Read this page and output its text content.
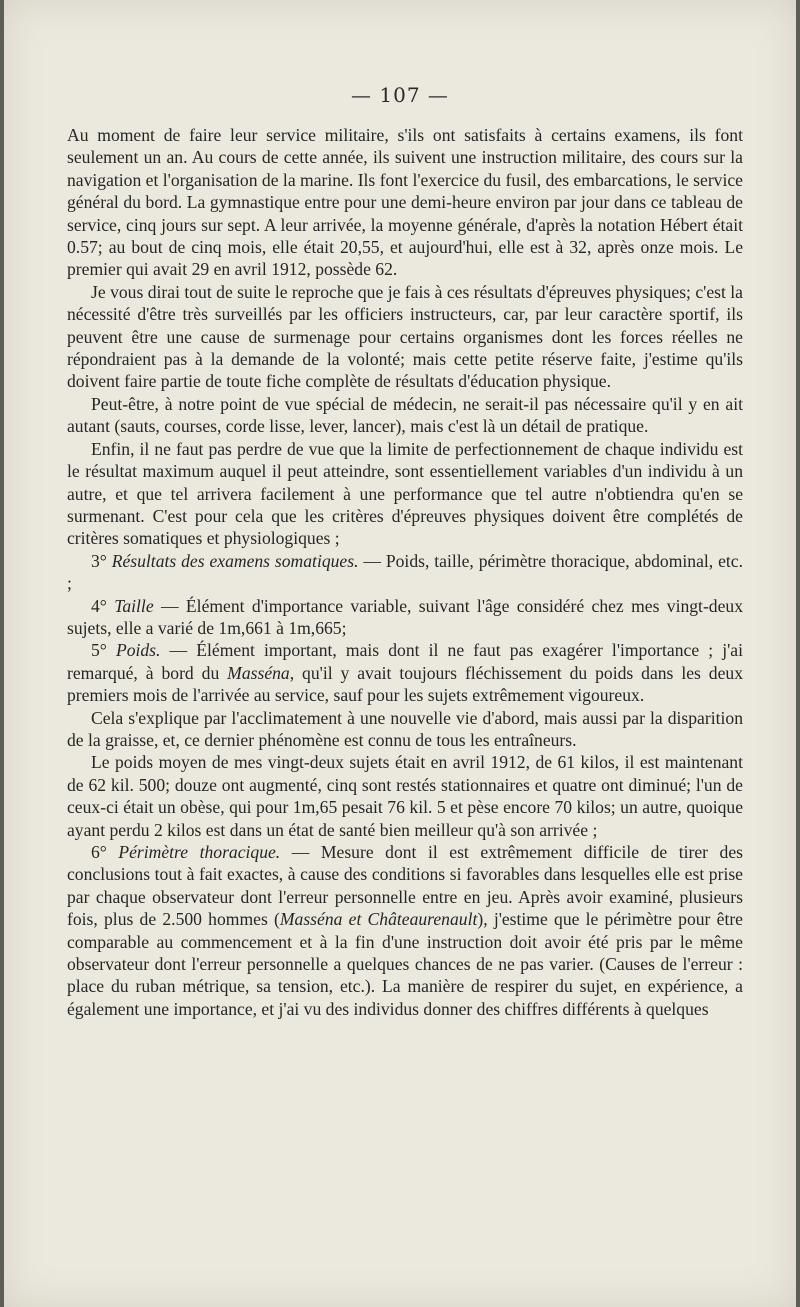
— 107 —

Au moment de faire leur service militaire, s'ils ont satisfaits à certains examens, ils font seulement un an. Au cours de cette année, ils suivent une instruction militaire, des cours sur la navigation et l'organisation de la marine. Ils font l'exercice du fusil, des embarcations, le service général du bord. La gymnastique entre pour une demi-heure environ par jour dans ce tableau de service, cinq jours sur sept. A leur arrivée, la moyenne générale, d'après la notation Hébert était 0.57; au bout de cinq mois, elle était 20,55, et aujourd'hui, elle est à 32, après onze mois. Le premier qui avait 29 en avril 1912, possède 62.

Je vous dirai tout de suite le reproche que je fais à ces résultats d'épreuves physiques; c'est la nécessité d'être très surveillés par les officiers instructeurs, car, par leur caractère sportif, ils peuvent être une cause de surmenage pour certains organismes dont les forces réelles ne répondraient pas à la demande de la volonté; mais cette petite réserve faite, j'estime qu'ils doivent faire partie de toute fiche complète de résultats d'éducation physique.

Peut-être, à notre point de vue spécial de médecin, ne serait-il pas nécessaire qu'il y en ait autant (sauts, courses, corde lisse, lever, lancer), mais c'est là un détail de pratique.

Enfin, il ne faut pas perdre de vue que la limite de perfectionnement de chaque individu est le résultat maximum auquel il peut atteindre, sont essentiellement variables d'un individu à un autre, et que tel arrivera facilement à une performance que tel autre n'obtiendra qu'en se surmenant. C'est pour cela que les critères d'épreuves physiques doivent être complétés de critères somatiques et physiologiques ;

3° Résultats des examens somatiques. — Poids, taille, périmètre thoracique, abdominal, etc. ;

4° Taille — Élément d'importance variable, suivant l'âge considéré chez mes vingt-deux sujets, elle a varié de 1m,661 à 1m,665;

5° Poids. — Élément important, mais dont il ne faut pas exagérer l'importance ; j'ai remarqué, à bord du Masséna, qu'il y avait toujours fléchissement du poids dans les deux premiers mois de l'arrivée au service, sauf pour les sujets extrêmement vigoureux.

Cela s'explique par l'acclimatement à une nouvelle vie d'abord, mais aussi par la disparition de la graisse, et, ce dernier phénomène est connu de tous les entraîneurs.

Le poids moyen de mes vingt-deux sujets était en avril 1912, de 61 kilos, il est maintenant de 62 kil. 500; douze ont augmenté, cinq sont restés stationnaires et quatre ont diminué; l'un de ceux-ci était un obèse, qui pour 1m,65 pesait 76 kil. 5 et pèse encore 70 kilos; un autre, quoique ayant perdu 2 kilos est dans un état de santé bien meilleur qu'à son arrivée ;

6° Périmètre thoracique. — Mesure dont il est extrêmement difficile de tirer des conclusions tout à fait exactes, à cause des conditions si favorables dans lesquelles elle est prise par chaque observateur dont l'erreur personnelle entre en jeu. Après avoir examiné, plusieurs fois, plus de 2.500 hommes (Masséna et Châteaurenault), j'estime que le périmètre pour être comparable au commencement et à la fin d'une instruction doit avoir été pris par le même observateur dont l'erreur personnelle a quelques chances de ne pas varier. (Causes de l'erreur : place du ruban métrique, sa tension, etc.). La manière de respirer du sujet, en expérience, a également une importance, et j'ai vu des individus donner des chiffres différents à quelques
